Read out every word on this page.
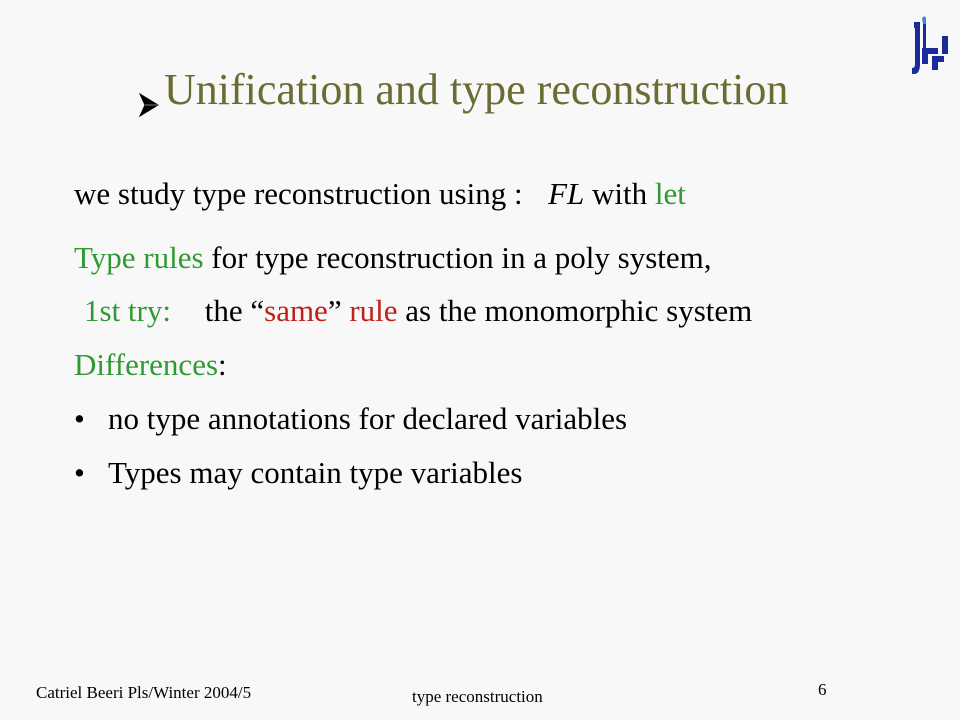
Unification and type reconstruction
we study type reconstruction using : FL with let
Type rules for type reconstruction in a poly system,
1st try: the “same” rule as the monomorphic system
Differences:
• no type annotations for declared variables
• Types may contain type variables
Catriel Beeri Pls/Winter 2004/5	type reconstruction	6
